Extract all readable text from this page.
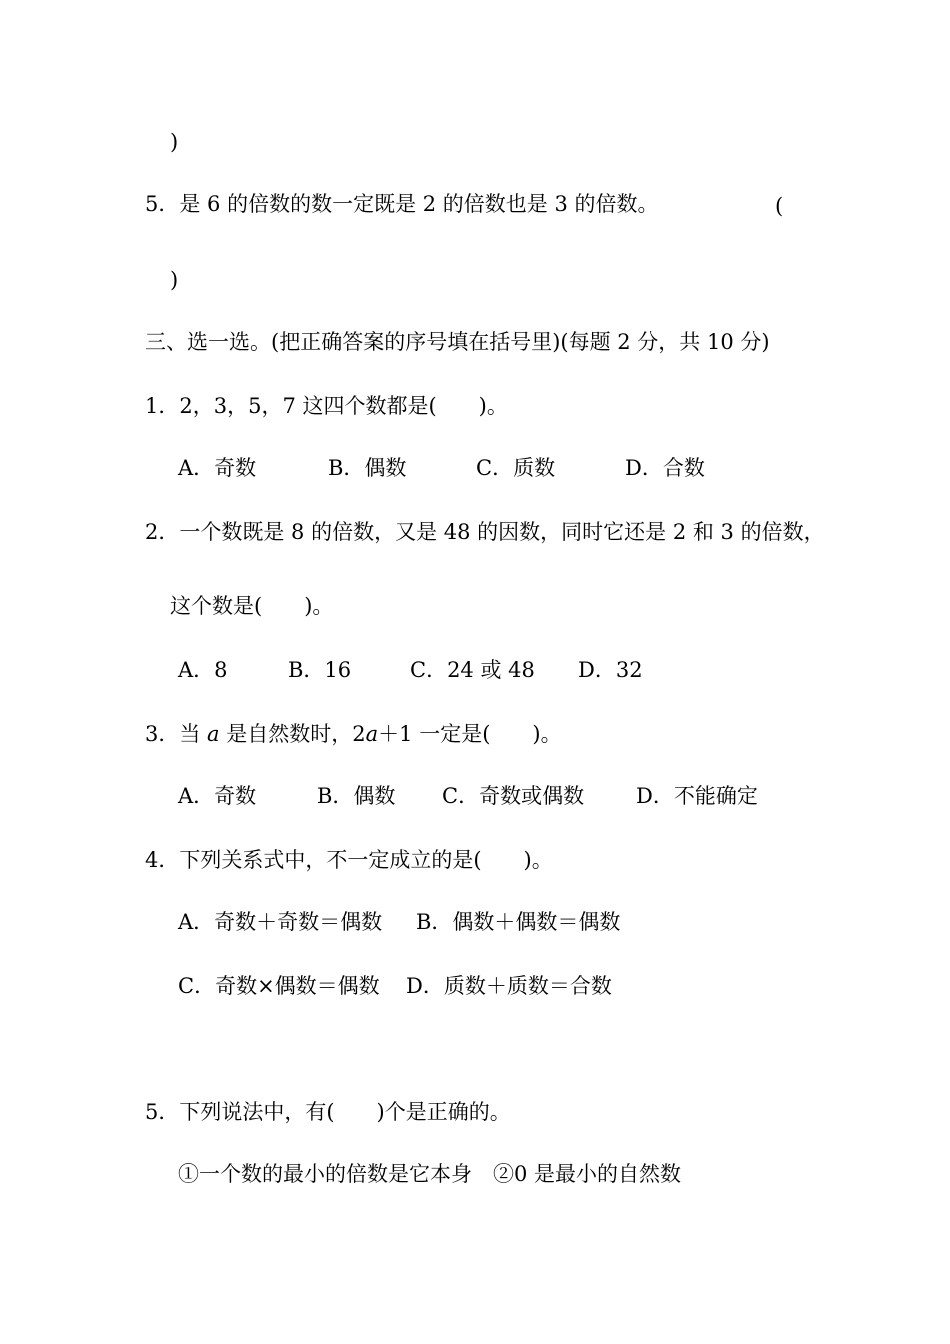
)
5．是 6 的倍数的数一定既是 2 的倍数也是 3 的倍数。	(
)
三、选一选。(把正确答案的序号填在括号里)(每题 2 分，共 10 分)
1．2，3，5，7 这四个数都是(　　)。
A．奇数	B．偶数	C．质数	D．合数
2．一个数既是 8 的倍数，又是 48 的因数，同时它还是 2 和 3 的倍数，
这个数是(　　)。
A．8	B．16	C．24 或 48 D．32
3．当 a 是自然数时，2a＋1 一定是(　　)。
A．奇数	B．偶数 C．奇数或偶数 D．不能确定
4．下列关系式中，不一定成立的是(　　)。
A．奇数＋奇数＝偶数 B．偶数＋偶数＝偶数
C．奇数×偶数＝偶数 D．质数＋质数＝合数
5．下列说法中，有(　　)个是正确的。
①一个数的最小的倍数是它本身　②0 是最小的自然数
